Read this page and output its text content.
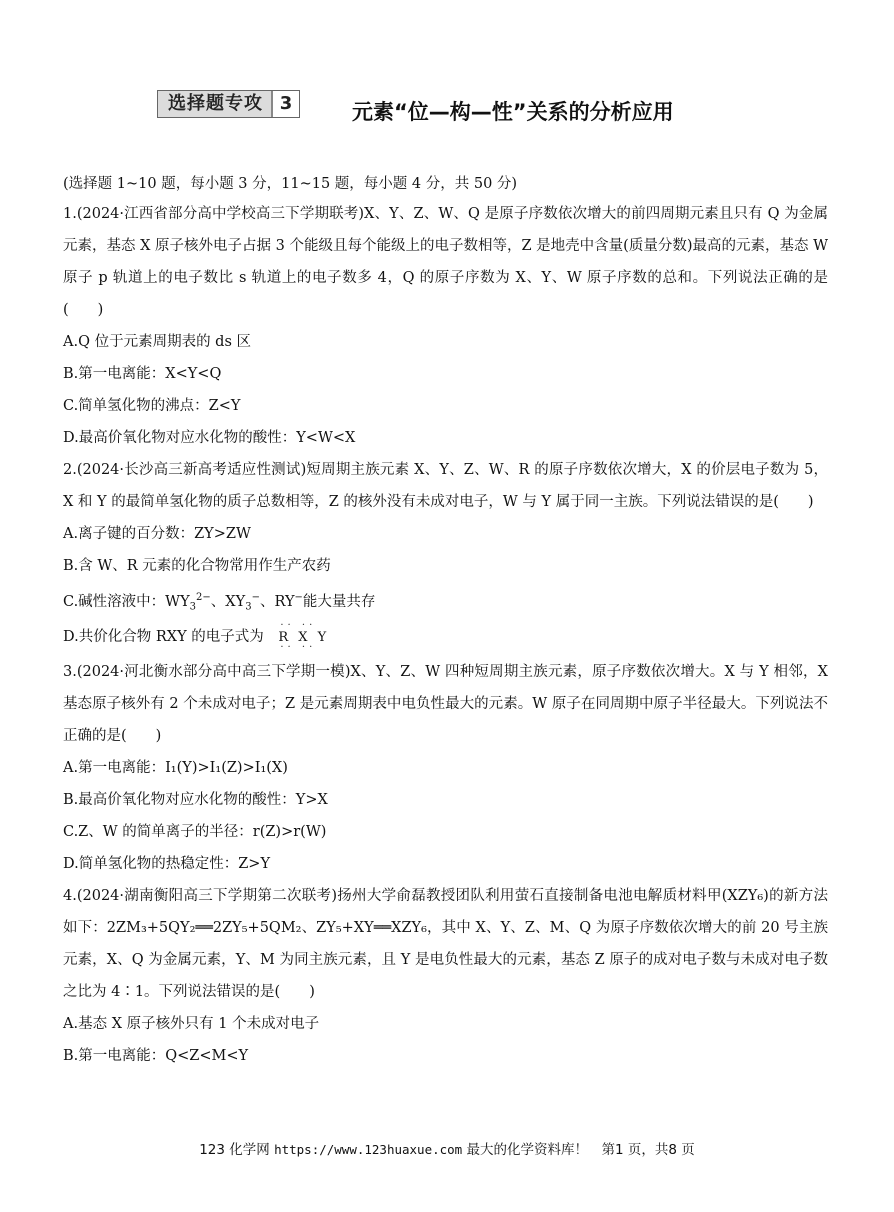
选择题专攻 3	元素“位—构—性”关系的分析应用
(选择题 1~10 题，每小题 3 分，11~15 题，每小题 4 分，共 50 分)
1.(2024·江西省部分高中学校高三下学期联考)X、Y、Z、W、Q 是原子序数依次增大的前四周期元素且只有 Q 为金属元素，基态 X 原子核外电子占据 3 个能级且每个能级上的电子数相等，Z 是地壳中含量(质量分数)最高的元素，基态 W 原子 p 轨道上的电子数比 s 轨道上的电子数多 4，Q 的原子序数为 X、Y、W 原子序数的总和。下列说法正确的是(　　)
A.Q 位于元素周期表的 ds 区
B.第一电离能：X<Y<Q
C.简单氢化物的沸点：Z<Y
D.最高价氧化物对应水化物的酸性：Y<W<X
2.(2024·长沙高三新高考适应性测试)短周期主族元素 X、Y、Z、W、R 的原子序数依次增大，X 的价层电子数为 5，X 和 Y 的最简单氢化物的质子总数相等，Z 的核外没有未成对电子，W 与 Y 属于同一主族。下列说法错误的是(　　)
A.离子键的百分数：ZY>ZW
B.含 W、R 元素的化合物常用作生产农药
C.碱性溶液中：$WY_3^{2-}$、$XY_3^-$、RY−能大量共存
D.共价化合物 RXY 的电子式为
·· ··
R X Y
·· ··
3.(2024·河北衡水部分高中高三下学期一模)X、Y、Z、W 四种短周期主族元素，原子序数依次增大。X 与 Y 相邻，X 基态原子核外有 2 个未成对电子；Z 是元素周期表中电负性最大的元素。W 原子在同周期中原子半径最大。下列说法不正确的是(　　)
A.第一电离能：I₁(Y)>I₁(Z)>I₁(X)
B.最高价氧化物对应水化物的酸性：Y>X
C.Z、W 的简单离子的半径：r(Z)>r(W)
D.简单氢化物的热稳定性：Z>Y
4.(2024·湖南衡阳高三下学期第二次联考)扬州大学俞磊教授团队利用萤石直接制备电池电解质材料甲(XZY₆)的新方法如下：2ZM₃+5QY₂══2ZY₅+5QM₂、ZY₅+XY══XZY₆，其中 X、Y、Z、M、Q 为原子序数依次增大的前 20 号主族元素，X、Q 为金属元素，Y、M 为同主族元素，且 Y 是电负性最大的元素，基态 Z 原子的成对电子数与未成对电子数之比为 4∶1。下列说法错误的是(　　)
A.基态 X 原子核外只有 1 个未成对电子
B.第一电离能：Q<Z<M<Y
123 化学网 https://www.123huaxue.com 最大的化学资料库！　第1 页，共8 页
